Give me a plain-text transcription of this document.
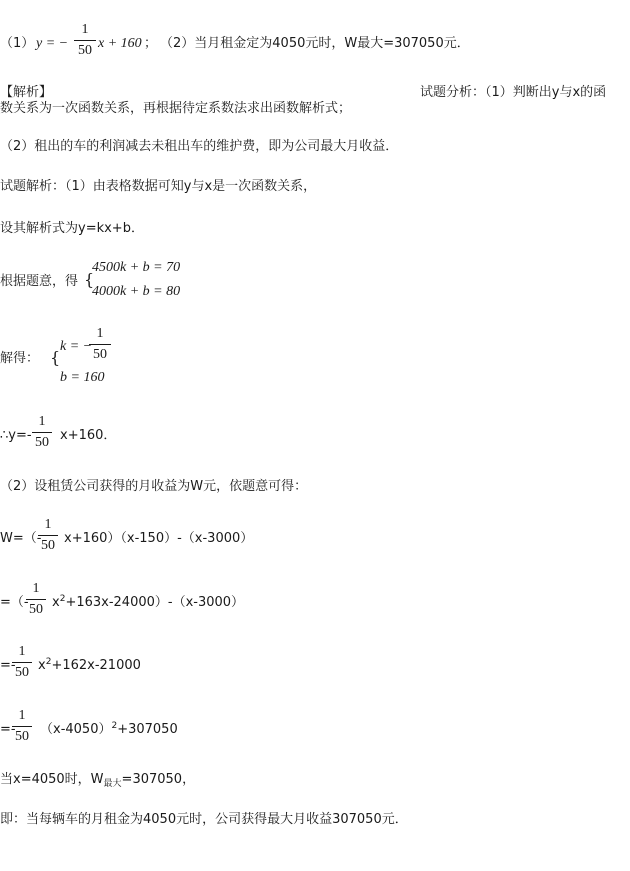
（1） y = −
1
50 x + 160 ； （2）当月租金定为4050元时，W最大=307050元．
【解析】	试题分析：（1）判断出y与x的函
数关系为一次函数关系，再根据待定系数法求出函数解析式；
（2）租出的车的利润减去未租出车的维护费，即为公司最大月收益．
试题解析：（1）由表格数据可知y与x是一次函数关系，
设其解析式为y=kx+b．
根据题意，得 {
4500k + b = 70
4000k + b = 80
解得： {
k = −
1
50
b = 160
∴y=-
1
50 x+160．
（2）设租赁公司获得的月收益为W元，依题意可得：
W=（-
1
50 x+160）（x-150）-（x-3000）
=（-
1
50 $x^2+163x-24000)-(x-3000)$
=-
1
50 $x^2+162x-21000$
=-
1
50 $(x-4050)^2+307050$
当x=4050时，$W_{最大}=307050$，
即：当每辆车的月租金为4050元时，公司获得最大月收益307050元．
